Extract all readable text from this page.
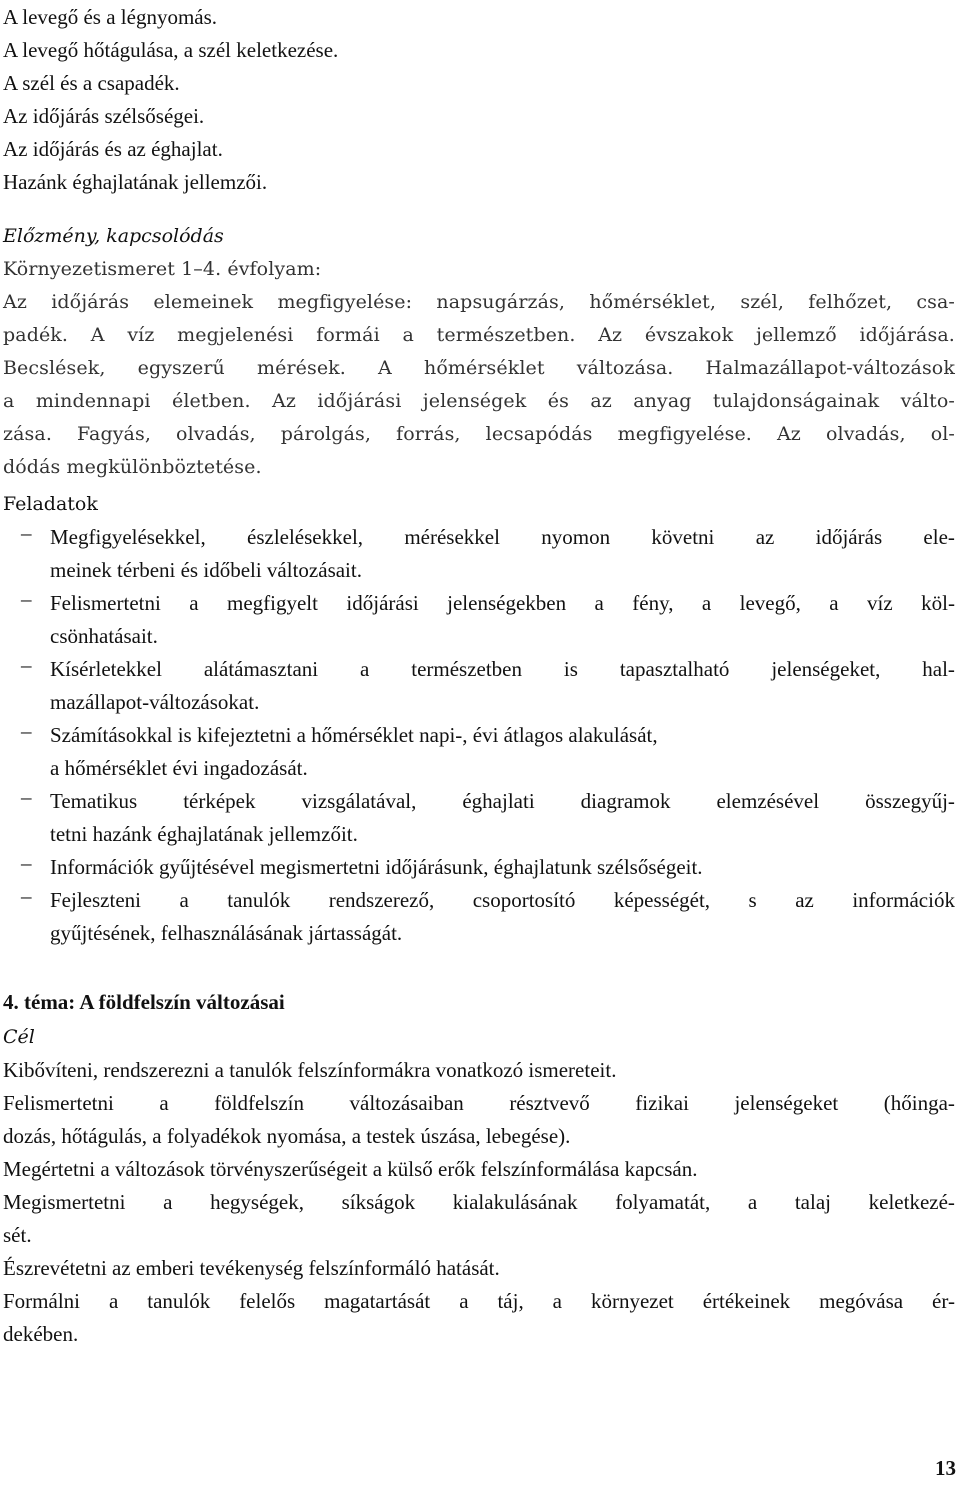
A levegő és a légnyomás.
A levegő hőtágulása, a szél keletkezése.
A szél és a csapadék.
Az időjárás szélsőségei.
Az időjárás és az éghajlat.
Hazánk éghajlatának jellemzői.
Előzmény, kapcsolódás
Környezetismeret 1–4. évfolyam:
Az időjárás elemeinek megfigyelése: napsugárzás, hőmérséklet, szél, felhőzet, csa-
padék. A víz megjelenési formái a természetben. Az évszakok jellemző időjárása.
Becslések, egyszerű mérések. A hőmérséklet változása. Halmazállapot-változások
a mindennapi életben. Az időjárási jelenségek és az anyag tulajdonságainak válto-
zása. Fagyás, olvadás, párolgás, forrás, lecsapódás megfigyelése. Az olvadás, ol-
dódás megkülönböztetése.
Feladatok
– Megfigyelésekkel, észlelésekkel, mérésekkel nyomon követni az időjárás ele-
meinek térbeni és időbeli változásait.
– Felismertetni a megfigyelt időjárási jelenségekben a fény, a levegő, a víz köl-
csönhatásait.
– Kísérletekkel alátámasztani a természetben is tapasztalható jelenségeket, hal-
mazállapot-változásokat.
– Számításokkal is kifejeztetni a hőmérséklet napi-, évi átlagos alakulását,
a hőmérséklet évi ingadozását.
– Tematikus térképek vizsgálatával, éghajlati diagramok elemzésével összegyűj-
tetni hazánk éghajlatának jellemzőit.
– Információk gyűjtésével megismertetni időjárásunk, éghajlatunk szélsőségeit.
– Fejleszteni a tanulók rendszerező, csoportosító képességét, s az információk
gyűjtésének, felhasználásának jártasságát.
4. téma: A földfelszín változásai
Cél
Kibővíteni, rendszerezni a tanulók felszínformákra vonatkozó ismereteit.
Felismertetni a földfelszín változásaiban résztvevő fizikai jelenségeket (hőinga-
dozás, hőtágulás, a folyadékok nyomása, a testek úszása, lebegése).
Megértetni a változások törvényszerűségeit a külső erők felszínformálása kapcsán.
Megismertetni a hegységek, síkságok kialakulásának folyamatát, a talaj keletkezé-
sét.
Észrevétetni az emberi tevékenység felszínformáló hatását.
Formálni a tanulók felelős magatartását a táj, a környezet értékeinek megóvása ér-
dekében.
13
